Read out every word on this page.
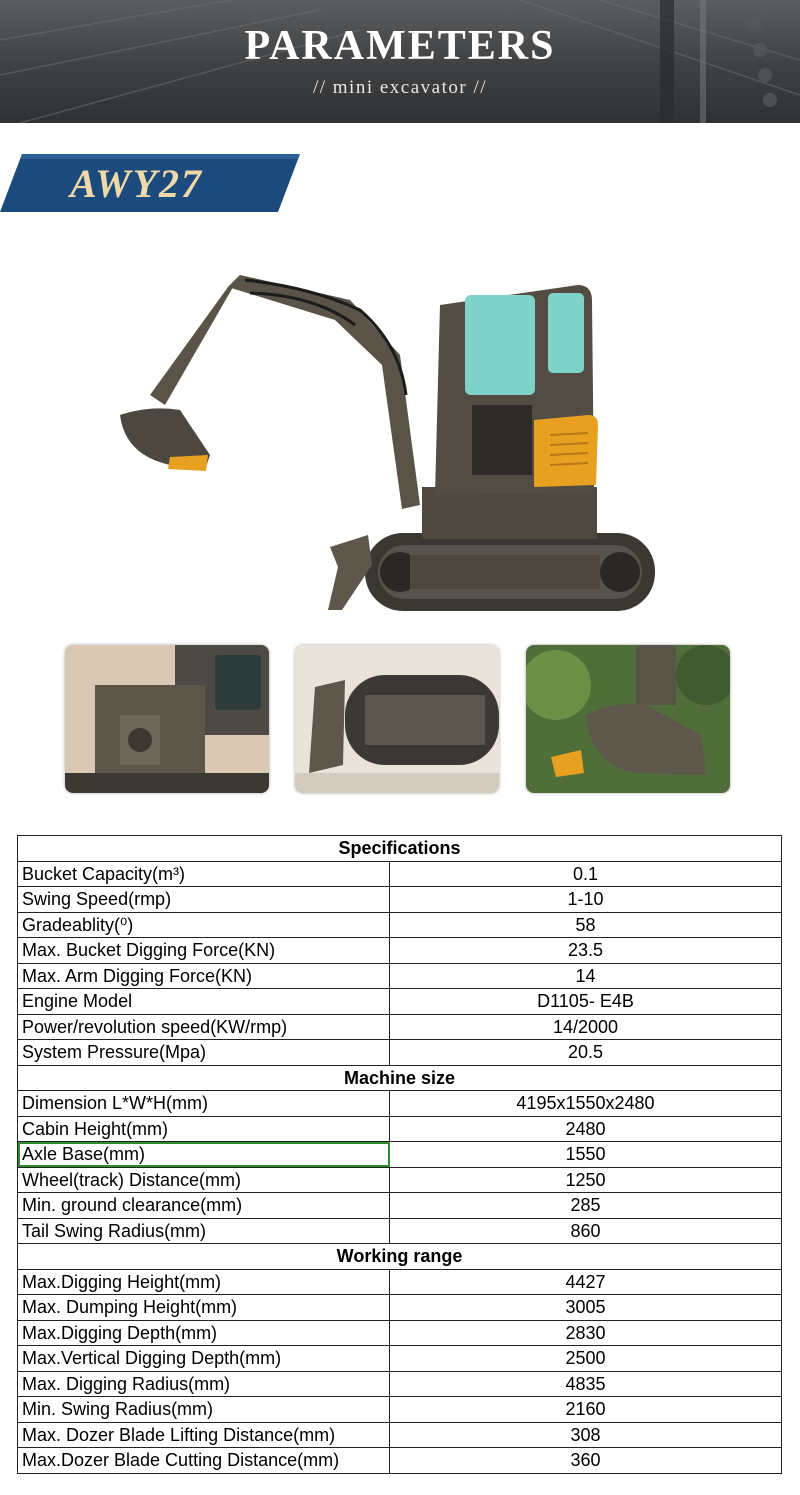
PARAMETERS
// mini excavator //
AWY27
Specifications	
Bucket Capacity(m³)	0.1
Swing Speed(rmp)	1-10
Gradeablity(⁰)	58
Max. Bucket Digging Force(KN)	23.5
Max. Arm Digging Force(KN)	14
Engine Model	D1105- E4B
Power/revolution speed(KW/rmp)	14/2000
System Pressure(Mpa)	20.5
Machine size	
Dimension L*W*H(mm)	4195x1550x2480
Cabin Height(mm)	2480
Axle Base(mm)	1550
Wheel(track) Distance(mm)	1250
Min. ground clearance(mm)	285
Tail Swing Radius(mm)	860
Working range	
Max.Digging Height(mm)	4427
Max. Dumping Height(mm)	3005
Max.Digging Depth(mm)	2830
Max.Vertical Digging Depth(mm)	2500
Max. Digging Radius(mm)	4835
Min. Swing Radius(mm)	2160
Max. Dozer Blade Lifting Distance(mm)	308
Max.Dozer Blade Cutting Distance(mm)	360
